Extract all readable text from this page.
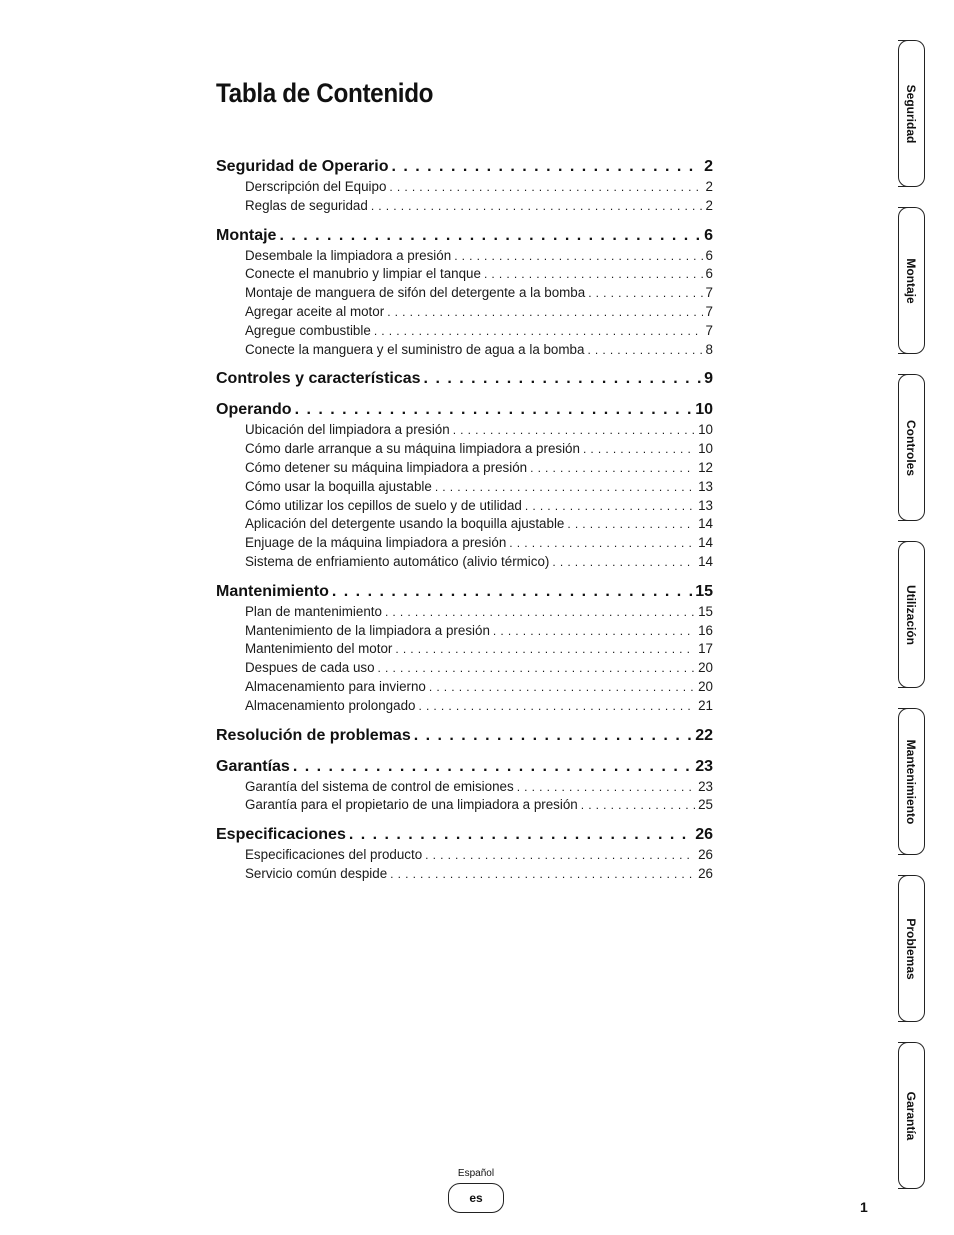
Tabla de Contenido
Seguridad de Operario . . .	2
Derscripción del Equipo . . .	2
Reglas de seguridad . . .	2
Montaje . . .	6
Desembale la limpiadora a presión . . .	6
Conecte el manubrio y limpiar el tanque . . .	6
Montaje de manguera de sifón del detergente a la bomba . . .	7
Agregar aceite al motor . . .	7
Agregue combustible . . .	7
Conecte la manguera y el suministro de agua a la bomba . . .	8
Controles y características . . .	9
Operando . . .	10
Ubicación del limpiadora a presión . . .	10
Cómo darle arranque a su máquina limpiadora a presión . . .	10
Cómo detener su máquina limpiadora a presión . . .	12
Cómo usar la boquilla ajustable . . .	13
Cómo utilizar los cepillos de suelo y de utilidad . . .	13
Aplicación del detergente usando la boquilla ajustable . . .	14
Enjuage de la máquina limpiadora a presión . . .	14
Sistema de enfriamiento automático (alivio térmico) . . .	14
Mantenimiento . . .	15
Plan de mantenimiento . . .	15
Mantenimiento de la limpiadora a presión . . .	16
Mantenimiento del motor . . .	17
Despues de cada uso . . .	20
Almacenamiento para invierno . . .	20
Almacenamiento prolongado . . .	21
Resolución de problemas . . .	22
Garantías . . .	23
Garantía del sistema de control de emisiones . . .	23
Garantía para el propietario de una limpiadora a presión . . .	25
Especificaciones . . .	26
Especificaciones del producto . . .	26
Servicio común despide . . .	26
Seguridad
Montaje
Controles
Utilización
Mantenimiento
Problemas
Garantía
Español
es
1
